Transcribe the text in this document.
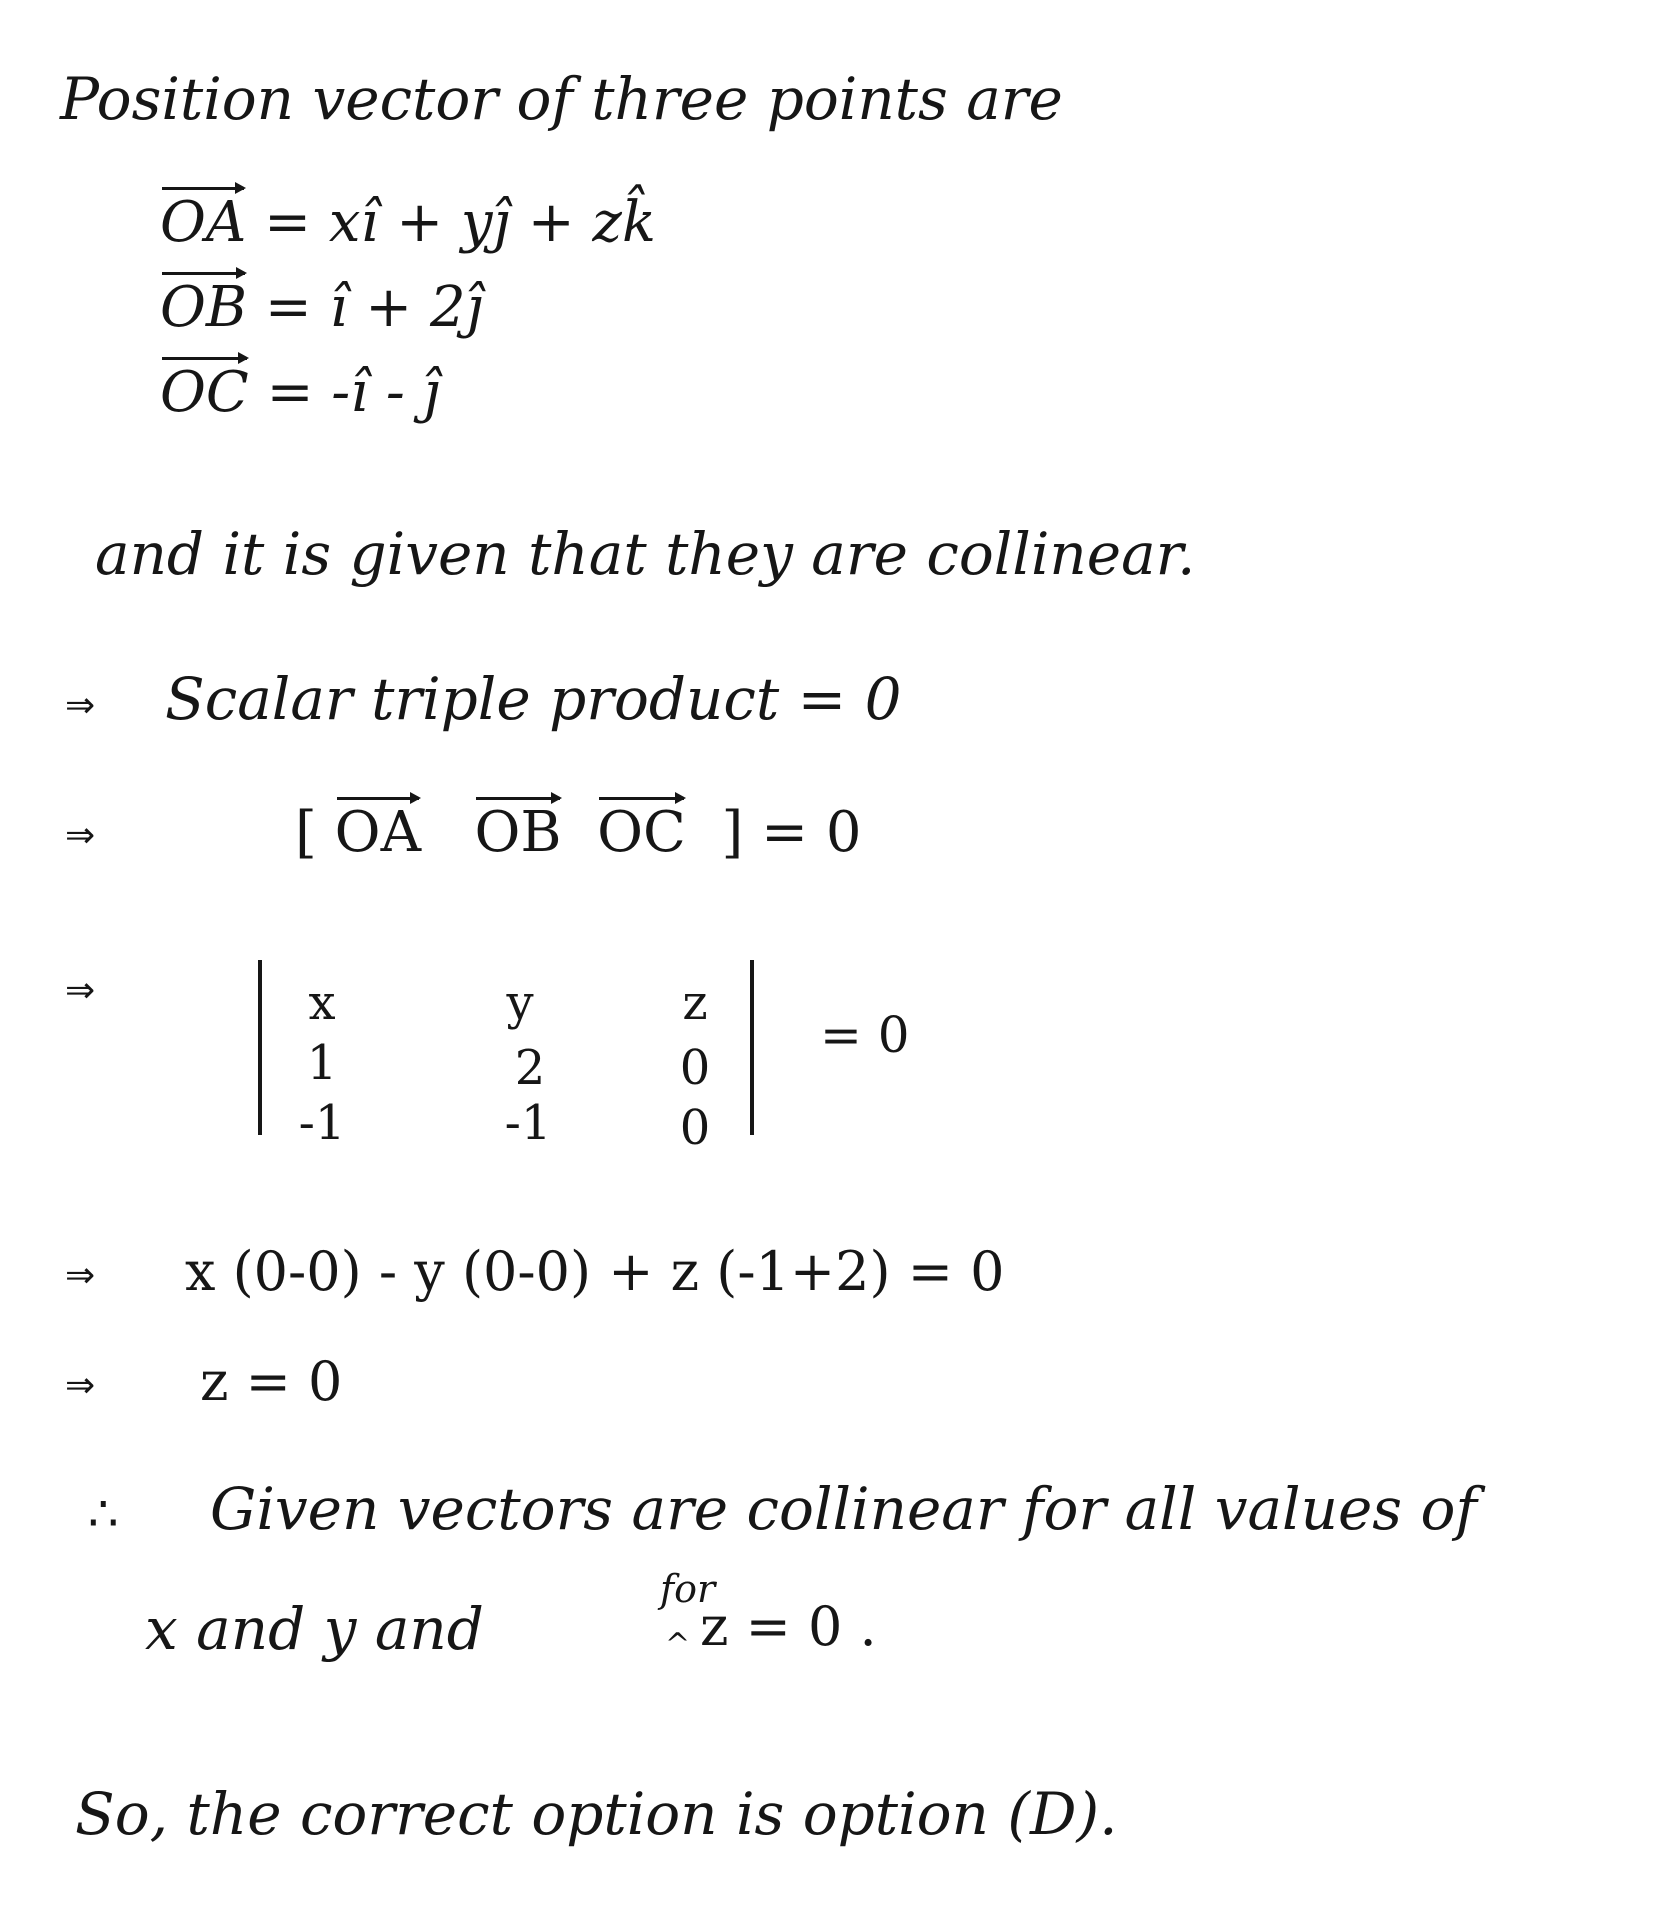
Position vector of three points are
OA = xî + yĵ + zk̂
OB = î + 2ĵ
OC = -î - ĵ
and it is given that they are collinear.
⇒ Scalar triple product = 0
⇒	[ OA OB OC ] = 0
⇒	x	y	z
1	2	0
-1	-1	0
= 0
⇒ x (0-0) - y (0-0) + z (-1+2) = 0
⇒ z = 0
∴ Given vectors are collinear for all values of
x and y and
for
^ z = 0 .
So, the correct option is option (D).
